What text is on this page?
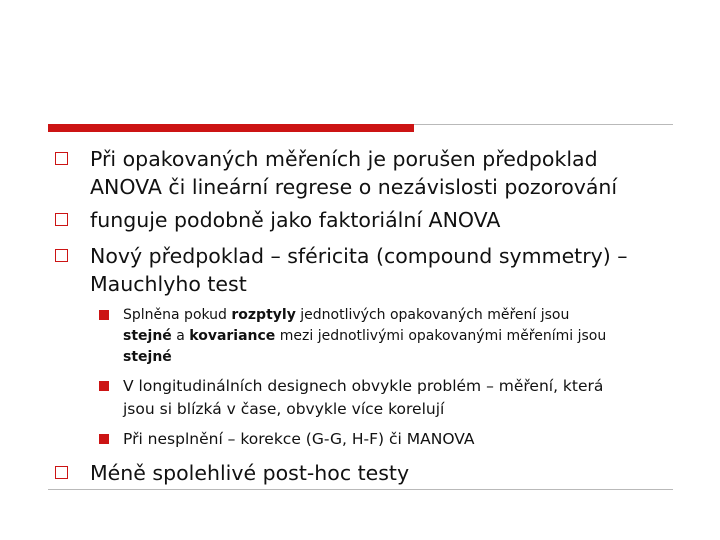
Při opakovaných měřeních je porušen předpoklad
ANOVA či lineární regrese o nezávislosti pozorování
funguje podobně jako faktoriální ANOVA
Nový předpoklad – sféricita (compound symmetry) –
Mauchlyho test
Splněna pokud rozptyly jednotlivých opakovaných měření jsou
stejné a kovariance mezi jednotlivými opakovanými měřeními jsou
stejné
V longitudinálních designech obvykle problém – měření, která
jsou si blízká v čase, obvykle více korelují
Při nesplnění – korekce (G-G, H-F) či MANOVA
Méně spolehlivé post-hoc testy
